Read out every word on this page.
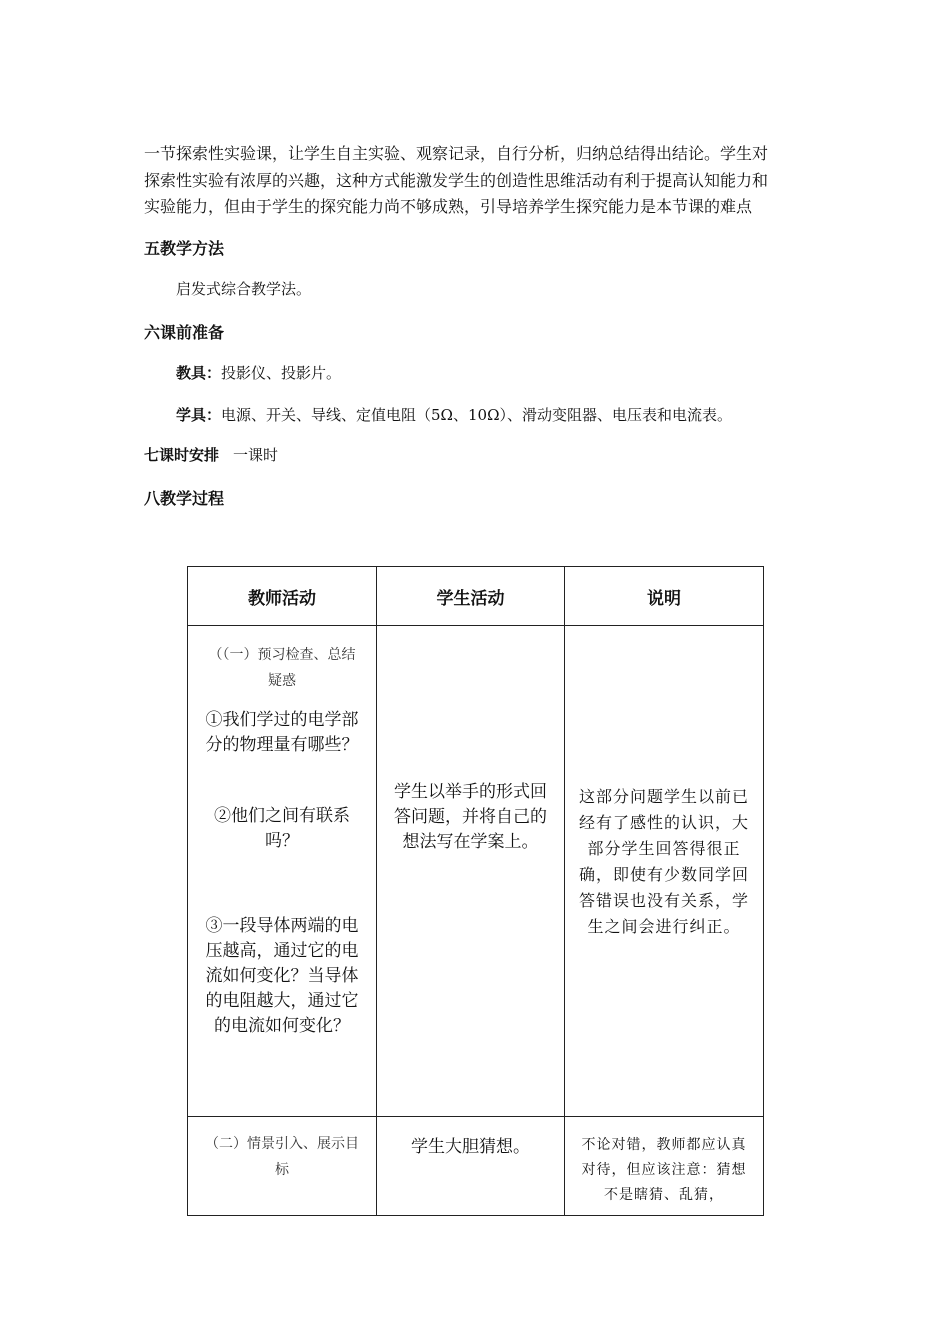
一节探索性实验课，让学生自主实验、观察记录，自行分析，归纳总结得出结论。学生对
探索性实验有浓厚的兴趣，这种方式能激发学生的创造性思维活动有利于提高认知能力和
实验能力，但由于学生的探究能力尚不够成熟，引导培养学生探究能力是本节课的难点
五教学方法
启发式综合教学法。
六课前准备
教具：投影仪、投影片。
学具：电源、开关、导线、定值电阻（5Ω、10Ω）、滑动变阻器、电压表和电流表。
七课时安排 一课时
八教学过程
教师活动	学生活动	说明

（（一）预习检查、总结疑惑
①我们学过的电学部分的物理量有哪些？
②他们之间有联系吗？
③一段导体两端的电压越高，通过它的电流如何变化？当导体的电阻越大，通过它的电流如何变化？	学生以举手的形式回答问题，并将自己的想法写在学案上。	这部分问题学生以前已经有了感性的认识，大部分学生回答得很正确，即使有少数同学回答错误也没有关系，学生之间会进行纠正。

（二）情景引入、展示目标	学生大胆猜想。	不论对错，教师都应认真对待，但应该注意：猜想不是瞎猜、乱猜，
